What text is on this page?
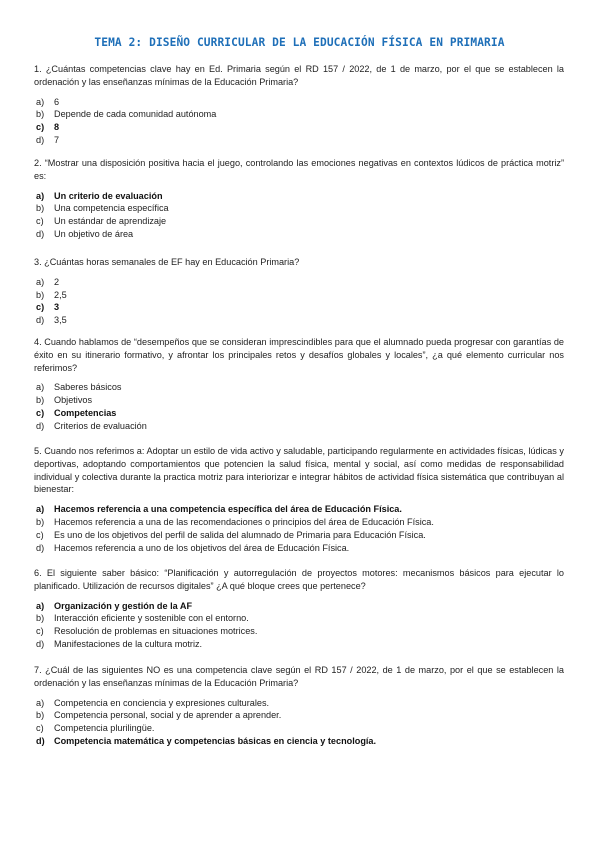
TEMA 2: DISEÑO CURRICULAR DE LA EDUCACIÓN FÍSICA EN PRIMARIA
1. ¿Cuántas competencias clave hay en Ed. Primaria según el RD 157 / 2022, de 1 de marzo, por el que se establecen la ordenación y las enseñanzas mínimas de la Educación Primaria?
a)	6
b)	Depende de cada comunidad autónoma
c)	8
d)	7
2. “Mostrar una disposición positiva hacia el juego, controlando las emociones negativas en contextos lúdicos de práctica motriz” es:
a)	Un criterio de evaluación
b)	Una competencia específica
c)	Un estándar de aprendizaje
d)	Un objetivo de área
3. ¿Cuántas horas semanales de EF hay en Educación Primaria?
a)	2
b)	2,5
c)	3
d)	3,5
4. Cuando hablamos de “desempeños que se consideran imprescindibles para que el alumnado pueda progresar con garantías de éxito en su itinerario formativo, y afrontar los principales retos y desafíos globales y locales”, ¿a qué elemento curricular nos referimos?
a)	Saberes básicos
b)	Objetivos
c)	Competencias
d)	Criterios de evaluación
5. Cuando nos referimos a: Adoptar un estilo de vida activo y saludable, participando regularmente en actividades físicas, lúdicas y deportivas, adoptando comportamientos que potencien la salud física, mental y social, así como medidas de responsabilidad individual y colectiva durante la practica motriz para interiorizar e integrar hábitos de actividad física sistemática que contribuyan al bienestar:
a)	Hacemos referencia a una competencia específica del área de Educación Física.
b)	Hacemos referencia a una de las recomendaciones o principios del área de Educación Física.
c)	Es uno de los objetivos del perfil de salida del alumnado de Primaria para Educación Física.
d)	Hacemos referencia a uno de los objetivos del área de Educación Física.
6. El siguiente saber básico: “Planificación y autorregulación de proyectos motores: mecanismos básicos para ejecutar lo planificado. Utilización de recursos digitales” ¿A qué bloque crees que pertenece?
a)	Organización y gestión de la AF
b)	Interacción eficiente y sostenible con el entorno.
c)	Resolución de problemas en situaciones motrices.
d)	Manifestaciones de la cultura motriz.
7. ¿Cuál de las siguientes NO es una competencia clave según el RD 157 / 2022, de 1 de marzo, por el que se establecen la ordenación y las enseñanzas mínimas de la Educación Primaria?
a)	Competencia en conciencia y expresiones culturales.
b)	Competencia personal, social y de aprender a aprender.
c)	Competencia plurilingüe.
d)	Competencia matemática y competencias básicas en ciencia y tecnología.
